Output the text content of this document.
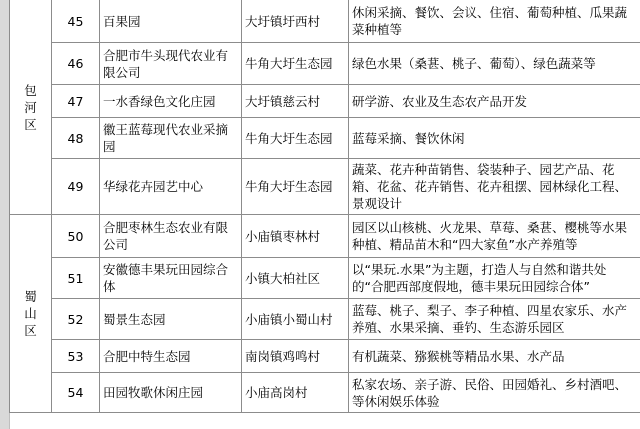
包
河
区	45	百果园	大圩镇圩西村	休闲采摘、餐饮、会议、住宿、葡萄种植、瓜果蔬菜种植等
	46	合肥市牛头现代农业有限公司	牛角大圩生态园	绿色水果（桑葚、桃子、葡萄）、绿色蔬菜等
	47	一水香绿色文化庄园	大圩镇慈云村	研学游、农业及生态农产品开发
	48	徽王蓝莓现代农业采摘园	牛角大圩生态园	蓝莓采摘、餐饮休闲
	49	华绿花卉园艺中心	牛角大圩生态园	蔬菜、花卉种苗销售、袋装种子、园艺产品、花箱、花盆、花卉销售、花卉租摆、园林绿化工程、景观设计

蜀
山
区	50	合肥枣林生态农业有限公司	小庙镇枣林村	园区以山核桃、火龙果、草莓、桑葚、樱桃等水果种植、精品苗木和“四大家鱼”水产养殖等
	51	安徽德丰果玩田园综合体	小镇大柏社区	以“果玩.水果”为主题，打造人与自然和谐共处的“合肥西部度假地，德丰果玩田园综合体”
	52	蜀景生态园	小庙镇小蜀山村	蓝莓、桃子、梨子、李子种植、四星农家乐、水产养殖、水果采摘、垂钓、生态游乐园区
	53	合肥中特生态园	南岗镇鸡鸣村	有机蔬菜、猕猴桃等精品水果、水产品
	54	田园牧歌休闲庄园	小庙高岗村	私家农场、亲子游、民俗、田园婚礼、乡村酒吧、等休闲娱乐体验
